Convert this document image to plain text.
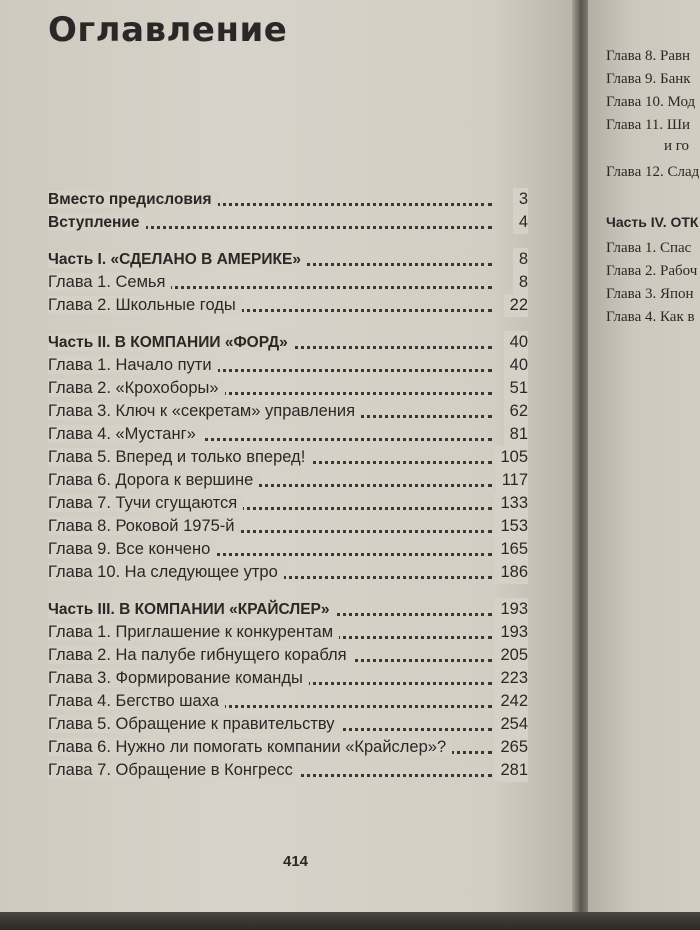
Оглавление
Вместо предисловия	3
Вступление	4
Часть I. «СДЕЛАНО В АМЕРИКЕ»	8
Глава 1. Семья	8
Глава 2. Школьные годы	22
Часть II. В КОМПАНИИ «ФОРД»	40
Глава 1. Начало пути	40
Глава 2. «Крохоборы»	51
Глава 3. Ключ к «секретам» управления	62
Глава 4. «Мустанг»	81
Глава 5. Вперед и только вперед!	105
Глава 6. Дорога к вершине	117
Глава 7. Тучи сгущаются	133
Глава 8. Роковой 1975-й	153
Глава 9. Все кончено	165
Глава 10. На следующее утро	186
Часть III. В КОМПАНИИ «КРАЙСЛЕР»	193
Глава 1. Приглашение к конкурентам	193
Глава 2. На палубе гибнущего корабля	205
Глава 3. Формирование команды	223
Глава 4. Бегство шаха	242
Глава 5. Обращение к правительству	254
Глава 6. Нужно ли помогать компании «Крайслер»?	265
Глава 7. Обращение в Конгресс	281
414
Глава 8. Равн
Глава 9. Банк
Глава 10. Мод
Глава 11. Ши
и го
Глава 12. Слад
Часть IV. ОТК
Глава 1. Спас
Глава 2. Рабоч
Глава 3. Япон
Глава 4. Как в
